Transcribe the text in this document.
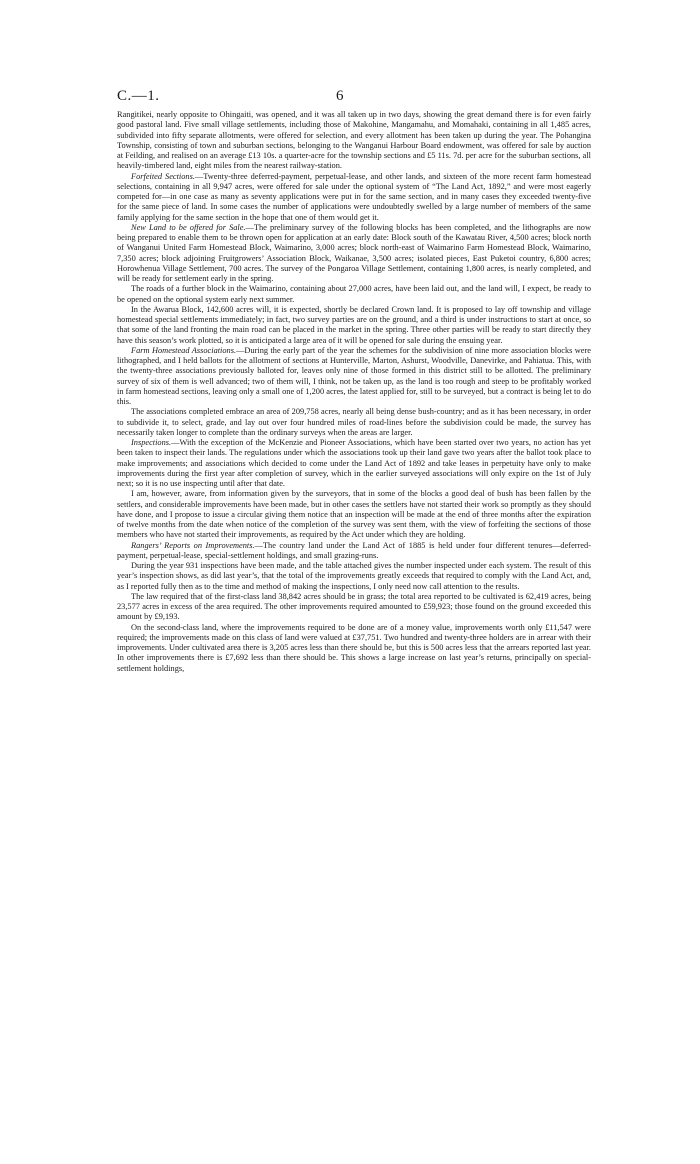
C.—1.	6

Rangitikei, nearly opposite to Ohingaiti, was opened, and it was all taken up in two days, showing the great demand there is for even fairly good pastoral land. Five small village settlements, including those of Makohine, Mangamahu, and Momahaki, containing in all 1,485 acres, subdivided into fifty separate allotments, were offered for selection, and every allotment has been taken up during the year. The Pohangina Township, consisting of town and suburban sections, belonging to the Wanganui Harbour Board endowment, was offered for sale by auction at Feilding, and realised on an average £13 10s. a quarter-acre for the township sections and £5 11s. 7d. per acre for the suburban sections, all heavily-timbered land, eight miles from the nearest railway-station.

Forfeited Sections.—Twenty-three deferred-payment, perpetual-lease, and other lands, and sixteen of the more recent farm homestead selections, containing in all 9,947 acres, were offered for sale under the optional system of “The Land Act, 1892,” and were most eagerly competed for—in one case as many as seventy applications were put in for the same section, and in many cases they exceeded twenty-five for the same piece of land. In some cases the number of applications were undoubtedly swelled by a large number of members of the same family applying for the same section in the hope that one of them would get it.

New Land to be offered for Sale.—The preliminary survey of the following blocks has been completed, and the lithographs are now being prepared to enable them to be thrown open for application at an early date: Block south of the Kawatau River, 4,500 acres; block north of Wanganui United Farm Homestead Block, Waimarino, 3,000 acres; block north-east of Waimarino Farm Homestead Block, Waimarino, 7,350 acres; block adjoining Fruitgrowers’ Association Block, Waikanae, 3,500 acres; isolated pieces, East Puketoi country, 6,800 acres; Horowhenua Village Settlement, 700 acres. The survey of the Pongaroa Village Settlement, containing 1,800 acres, is nearly completed, and will be ready for settlement early in the spring.

The roads of a further block in the Waimarino, containing about 27,000 acres, have been laid out, and the land will, I expect, be ready to be opened on the optional system early next summer.

In the Awarua Block, 142,600 acres will, it is expected, shortly be declared Crown land. It is proposed to lay off township and village homestead special settlements immediately; in fact, two survey parties are on the ground, and a third is under instructions to start at once, so that some of the land fronting the main road can be placed in the market in the spring. Three other parties will be ready to start directly they have this season’s work plotted, so it is anticipated a large area of it will be opened for sale during the ensuing year.

Farm Homestead Associations.—During the early part of the year the schemes for the subdivision of nine more association blocks were lithographed, and I held ballots for the allotment of sections at Hunterville, Marton, Ashurst, Woodville, Danevirke, and Pahiatua. This, with the twenty-three associations previously balloted for, leaves only nine of those formed in this district still to be allotted. The preliminary survey of six of them is well advanced; two of them will, I think, not be taken up, as the land is too rough and steep to be profitably worked in farm homestead sections, leaving only a small one of 1,200 acres, the latest applied for, still to be surveyed, but a contract is being let to do this.

The associations completed embrace an area of 209,758 acres, nearly all being dense bush-country; and as it has been necessary, in order to subdivide it, to select, grade, and lay out over four hundred miles of road-lines before the subdivision could be made, the survey has necessarily taken longer to complete than the ordinary surveys when the areas are larger.

Inspections.—With the exception of the McKenzie and Pioneer Associations, which have been started over two years, no action has yet been taken to inspect their lands. The regulations under which the associations took up their land gave two years after the ballot took place to make improvements; and associations which decided to come under the Land Act of 1892 and take leases in perpetuity have only to make improvements during the first year after completion of survey, which in the earlier surveyed associations will only expire on the 1st of July next; so it is no use inspecting until after that date.

I am, however, aware, from information given by the surveyors, that in some of the blocks a good deal of bush has been fallen by the settlers, and considerable improvements have been made, but in other cases the settlers have not started their work so promptly as they should have done, and I propose to issue a circular giving them notice that an inspection will be made at the end of three months after the expiration of twelve months from the date when notice of the completion of the survey was sent them, with the view of forfeiting the sections of those members who have not started their improvements, as required by the Act under which they are holding.

Rangers’ Reports on Improvements.—The country land under the Land Act of 1885 is held under four different tenures—deferred-payment, perpetual-lease, special-settlement holdings, and small grazing-runs.

During the year 931 inspections have been made, and the table attached gives the number inspected under each system. The result of this year’s inspection shows, as did last year’s, that the total of the improvements greatly exceeds that required to comply with the Land Act, and, as I reported fully then as to the time and method of making the inspections, I only need now call attention to the results.

The law required that of the first-class land 38,842 acres should be in grass; the total area reported to be cultivated is 62,419 acres, being 23,577 acres in excess of the area required. The other improvements required amounted to £59,923; those found on the ground exceeded this amount by £9,193.

On the second-class land, where the improvements required to be done are of a money value, improvements worth only £11,547 were required; the improvements made on this class of land were valued at £37,751. Two hundred and twenty-three holders are in arrear with their improvements. Under cultivated area there is 3,205 acres less than there should be, but this is 500 acres less that the arrears reported last year. In other improvements there is £7,692 less than there should be. This shows a large increase on last year’s returns, principally on special-settlement holdings,
